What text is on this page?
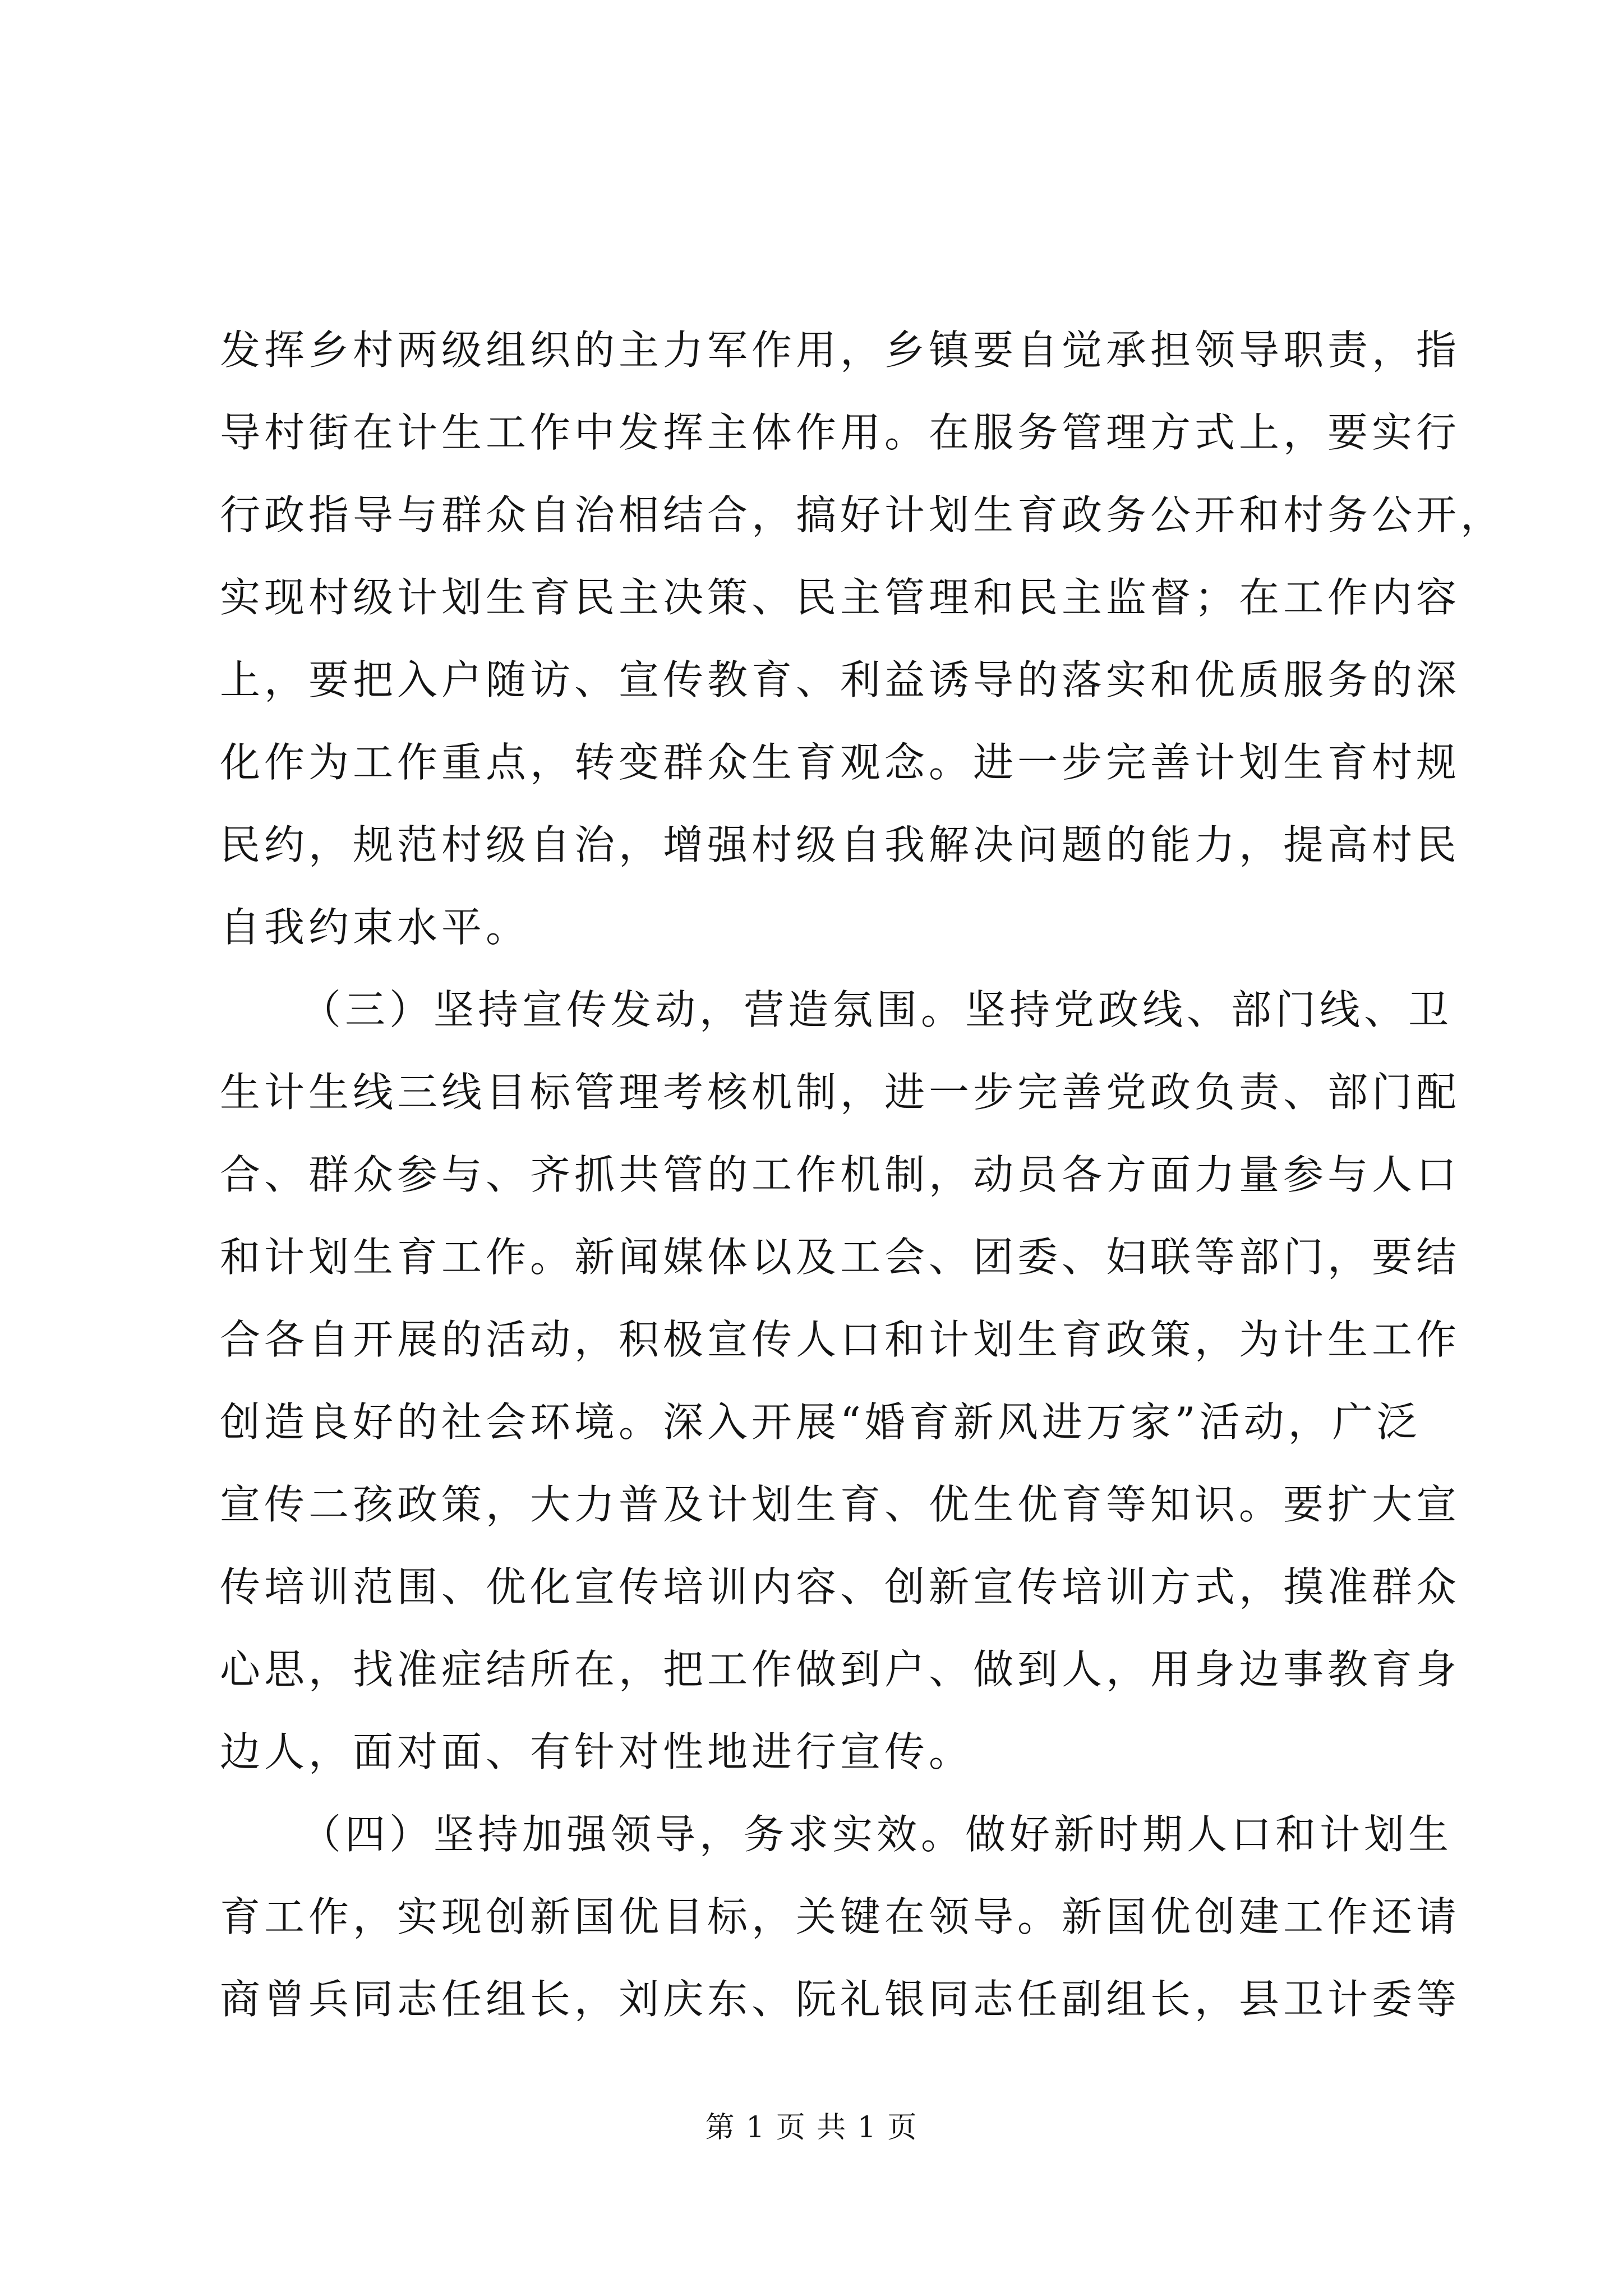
发挥乡村两级组织的主力军作用，乡镇要自觉承担领导职责，指
导村街在计生工作中发挥主体作用。在服务管理方式上，要实行
行政指导与群众自治相结合，搞好计划生育政务公开和村务公开，
实现村级计划生育民主决策、民主管理和民主监督；在工作内容
上，要把入户随访、宣传教育、利益诱导的落实和优质服务的深
化作为工作重点，转变群众生育观念。进一步完善计划生育村规
民约，规范村级自治，增强村级自我解决问题的能力，提高村民
自我约束水平。
（三）坚持宣传发动，营造氛围。坚持党政线、部门线、卫
生计生线三线目标管理考核机制，进一步完善党政负责、部门配
合、群众参与、齐抓共管的工作机制，动员各方面力量参与人口
和计划生育工作。新闻媒体以及工会、团委、妇联等部门，要结
合各自开展的活动，积极宣传人口和计划生育政策，为计生工作
创造良好的社会环境。深入开展“婚育新风进万家”活动，广泛
宣传二孩政策，大力普及计划生育、优生优育等知识。要扩大宣
传培训范围、优化宣传培训内容、创新宣传培训方式，摸准群众
心思，找准症结所在，把工作做到户、做到人，用身边事教育身
边人，面对面、有针对性地进行宣传。
（四）坚持加强领导，务求实效。做好新时期人口和计划生
育工作，实现创新国优目标，关键在领导。新国优创建工作还请
商曾兵同志任组长，刘庆东、阮礼银同志任副组长，县卫计委等
第 1 页 共 1 页
